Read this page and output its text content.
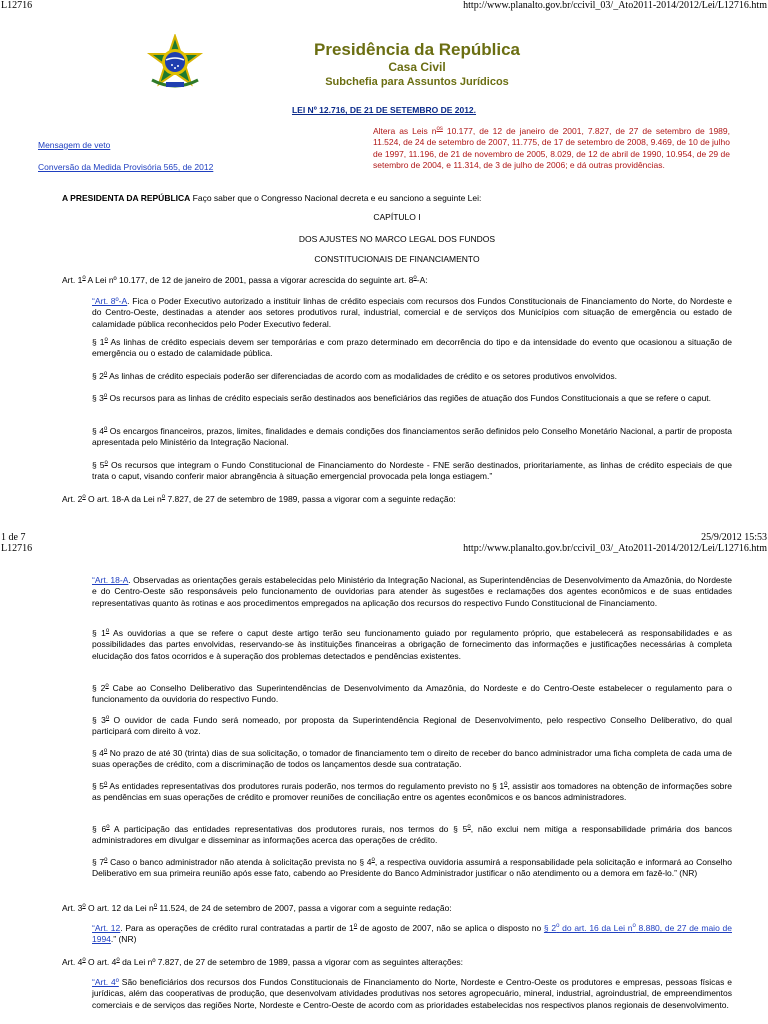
L12716	http://www.planalto.gov.br/ccivil_03/_Ato2011-2014/2012/Lei/L12716.htm
Presidência da República
Casa Civil
Subchefia para Assuntos Jurídicos
LEI Nº 12.716, DE 21 DE SETEMBRO DE 2012.
Mensagem de veto
Conversão da Medida Provisória 565, de 2012
Altera as Leis $n^{os}$ 10.177, de 12 de janeiro de 2001, 7.827, de 27 de setembro de 1989, 11.524, de 24 de setembro de 2007, 11.775, de 17 de setembro de 2008, 9.469, de 10 de julho de 1997, 11.196, de 21 de novembro de 2005, 8.029, de 12 de abril de 1990, 10.954, de 29 de setembro de 2004, e 11.314, de 3 de julho de 2006; e dá outras providências.
A PRESIDENTA DA REPÚBLICA Faço saber que o Congresso Nacional decreta e eu sanciono a seguinte Lei:
CAPÍTULO I
DOS AJUSTES NO MARCO LEGAL DOS FUNDOS
CONSTITUCIONAIS DE FINANCIAMENTO
Art. 1$^o$ A Lei nº 10.177, de 12 de janeiro de 2001, passa a vigorar acrescida do seguinte art. 8$^o$-A:
“Art. 8º-A. Fica o Poder Executivo autorizado a instituir linhas de crédito especiais com recursos dos Fundos Constitucionais de Financiamento do Norte, do Nordeste e do Centro-Oeste, destinadas a atender aos setores produtivos rural, industrial, comercial e de serviços dos Municípios com situação de emergência ou estado de calamidade pública reconhecidos pelo Poder Executivo federal.
§ 1$^o$ As linhas de crédito especiais devem ser temporárias e com prazo determinado em decorrência do tipo e da intensidade do evento que ocasionou a situação de emergência ou o estado de calamidade pública.
§ 2$^o$ As linhas de crédito especiais poderão ser diferenciadas de acordo com as modalidades de crédito e os setores produtivos envolvidos.
§ 3$^o$ Os recursos para as linhas de crédito especiais serão destinados aos beneficiários das regiões de atuação dos Fundos Constitucionais a que se refere o caput.
§ 4$^o$ Os encargos financeiros, prazos, limites, finalidades e demais condições dos financiamentos serão definidos pelo Conselho Monetário Nacional, a partir de proposta apresentada pelo Ministério da Integração Nacional.
§ 5$^o$ Os recursos que integram o Fundo Constitucional de Financiamento do Nordeste - FNE serão destinados, prioritariamente, as linhas de crédito especiais de que trata o caput, visando conferir maior abrangência à situação emergencial provocada pela longa estiagem.”
Art. 2$^o$ O art. 18-A da Lei $n^o$ 7.827, de 27 de setembro de 1989, passa a vigorar com a seguinte redação:
1 de 7	25/9/2012 15:53
L12716	http://www.planalto.gov.br/ccivil_03/_Ato2011-2014/2012/Lei/L12716.htm
“Art. 18-A. Observadas as orientações gerais estabelecidas pelo Ministério da Integração Nacional, as Superintendências de Desenvolvimento da Amazônia, do Nordeste e do Centro-Oeste são responsáveis pelo funcionamento de ouvidorias para atender às sugestões e reclamações dos agentes econômicos e de suas entidades representativas quanto às rotinas e aos procedimentos empregados na aplicação dos recursos do respectivo Fundo Constitucional de Financiamento.
§ 1$^o$ As ouvidorias a que se refere o caput deste artigo terão seu funcionamento guiado por regulamento próprio, que estabelecerá as responsabilidades e as possibilidades das partes envolvidas, reservando-se às instituições financeiras a obrigação de fornecimento das informações e justificações necessárias à completa elucidação dos fatos ocorridos e à superação dos problemas detectados e pendências existentes.
§ 2$^o$ Cabe ao Conselho Deliberativo das Superintendências de Desenvolvimento da Amazônia, do Nordeste e do Centro-Oeste estabelecer o regulamento para o funcionamento da ouvidoria do respectivo Fundo.
§ 3$^o$ O ouvidor de cada Fundo será nomeado, por proposta da Superintendência Regional de Desenvolvimento, pelo respectivo Conselho Deliberativo, do qual participará com direito à voz.
§ 4$^o$ No prazo de até 30 (trinta) dias de sua solicitação, o tomador de financiamento tem o direito de receber do banco administrador uma ficha completa de cada uma de suas operações de crédito, com a discriminação de todos os lançamentos desde sua contratação.
§ 5$^o$ As entidades representativas dos produtores rurais poderão, nos termos do regulamento previsto no § 1$^o$, assistir aos tomadores na obtenção de informações sobre as pendências em suas operações de crédito e promover reuniões de conciliação entre os agentes econômicos e os bancos administradores.
§ 6$^o$ A participação das entidades representativas dos produtores rurais, nos termos do § 5$^o$, não exclui nem mitiga a responsabilidade primária dos bancos administradores em divulgar e disseminar as informações acerca das operações de crédito.
§ 7$^o$ Caso o banco administrador não atenda à solicitação prevista no § 4$^o$, a respectiva ouvidoria assumirá a responsabilidade pela solicitação e informará ao Conselho Deliberativo em sua primeira reunião após esse fato, cabendo ao Presidente do Banco Administrador justificar o não atendimento ou a demora em fazê-lo.” (NR)
Art. 3$^o$ O art. 12 da Lei $n^o$ 11.524, de 24 de setembro de 2007, passa a vigorar com a seguinte redação:
“Art. 12. Para as operações de crédito rural contratadas a partir de 1$^o$ de agosto de 2007, não se aplica o disposto no § 2$^o$ do art. 16 da Lei $n^o$ 8.880, de 27 de maio de 1994.” (NR)
Art. 4$^o$ O art. 4$^o$ da Lei nº 7.827, de 27 de setembro de 1989, passa a vigorar com as seguintes alterações:
“Art. 4º São beneficiários dos recursos dos Fundos Constitucionais de Financiamento do Norte, Nordeste e Centro-Oeste os produtores e empresas, pessoas físicas e jurídicas, além das cooperativas de produção, que desenvolvam atividades produtivas nos setores agropecuário, mineral, industrial, agroindustrial, de empreendimentos comerciais e de serviços das regiões Norte, Nordeste e Centro-Oeste de acordo com as prioridades estabelecidas nos respectivos planos regionais de desenvolvimento.
